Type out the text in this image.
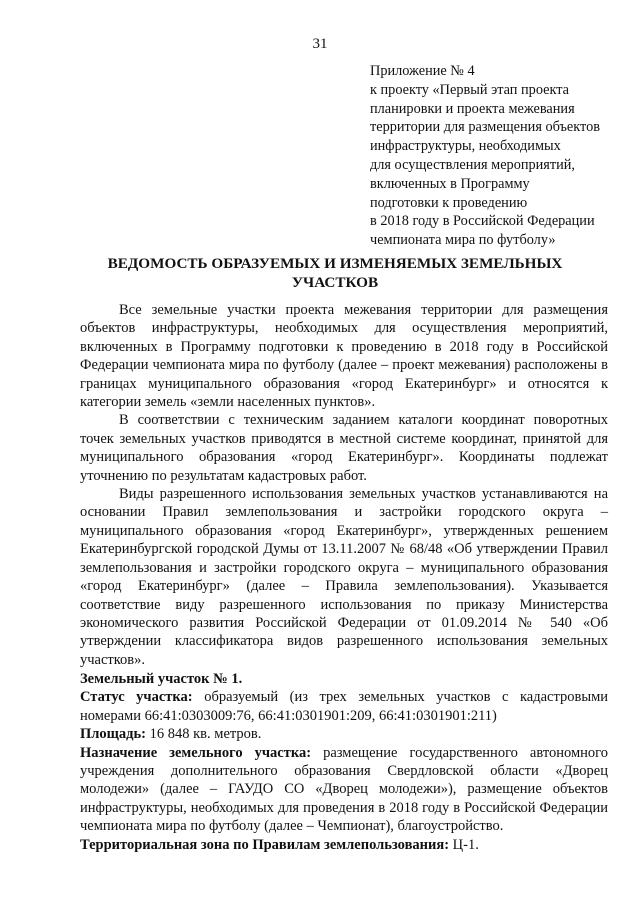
31
Приложение № 4
к проекту «Первый этап проекта
планировки и проекта межевания
территории для размещения объектов
инфраструктуры, необходимых
для осуществления мероприятий,
включенных в Программу
подготовки к проведению
в 2018 году в Российской Федерации
чемпионата мира по футболу»
ВЕДОМОСТЬ ОБРАЗУЕМЫХ И ИЗМЕНЯЕМЫХ ЗЕМЕЛЬНЫХ УЧАСТКОВ

Все земельные участки проекта межевания территории для размещения объектов инфраструктуры, необходимых для осуществления мероприятий, включенных в Программу подготовки к проведению в 2018 году в Российской Федерации чемпионата мира по футболу (далее – проект межевания) расположены в границах муниципального образования «город Екатеринбург» и относятся к категории земель «земли населенных пунктов».

В соответствии с техническим заданием каталоги координат поворотных точек земельных участков приводятся в местной системе координат, принятой для муниципального образования «город Екатеринбург». Координаты подлежат уточнению по результатам кадастровых работ.

Виды разрешенного использования земельных участков устанавливаются на основании Правил землепользования и застройки городского округа – муниципального образования «город Екатеринбург», утвержденных решением Екатеринбургской городской Думы от 13.11.2007 № 68/48 «Об утверждении Правил землепользования и застройки городского округа – муниципального образования «город Екатеринбург» (далее – Правила землепользования). Указывается соответствие виду разрешенного использования по приказу Министерства экономического развития Российской Федерации от 01.09.2014 № 540 «Об утверждении классификатора видов разрешенного использования земельных участков».

Земельный участок № 1.

Статус участка: образуемый (из трех земельных участков с кадастровыми номерами 66:41:0303009:76, 66:41:0301901:209, 66:41:0301901:211)

Площадь: 16 848 кв. метров.

Назначение земельного участка: размещение государственного автономного учреждения дополнительного образования Свердловской области «Дворец молодежи» (далее – ГАУДО СО «Дворец молодежи»), размещение объектов инфраструктуры, необходимых для проведения в 2018 году в Российской Федерации чемпионата мира по футболу (далее – Чемпионат), благоустройство.

Территориальная зона по Правилам землепользования: Ц-1.
